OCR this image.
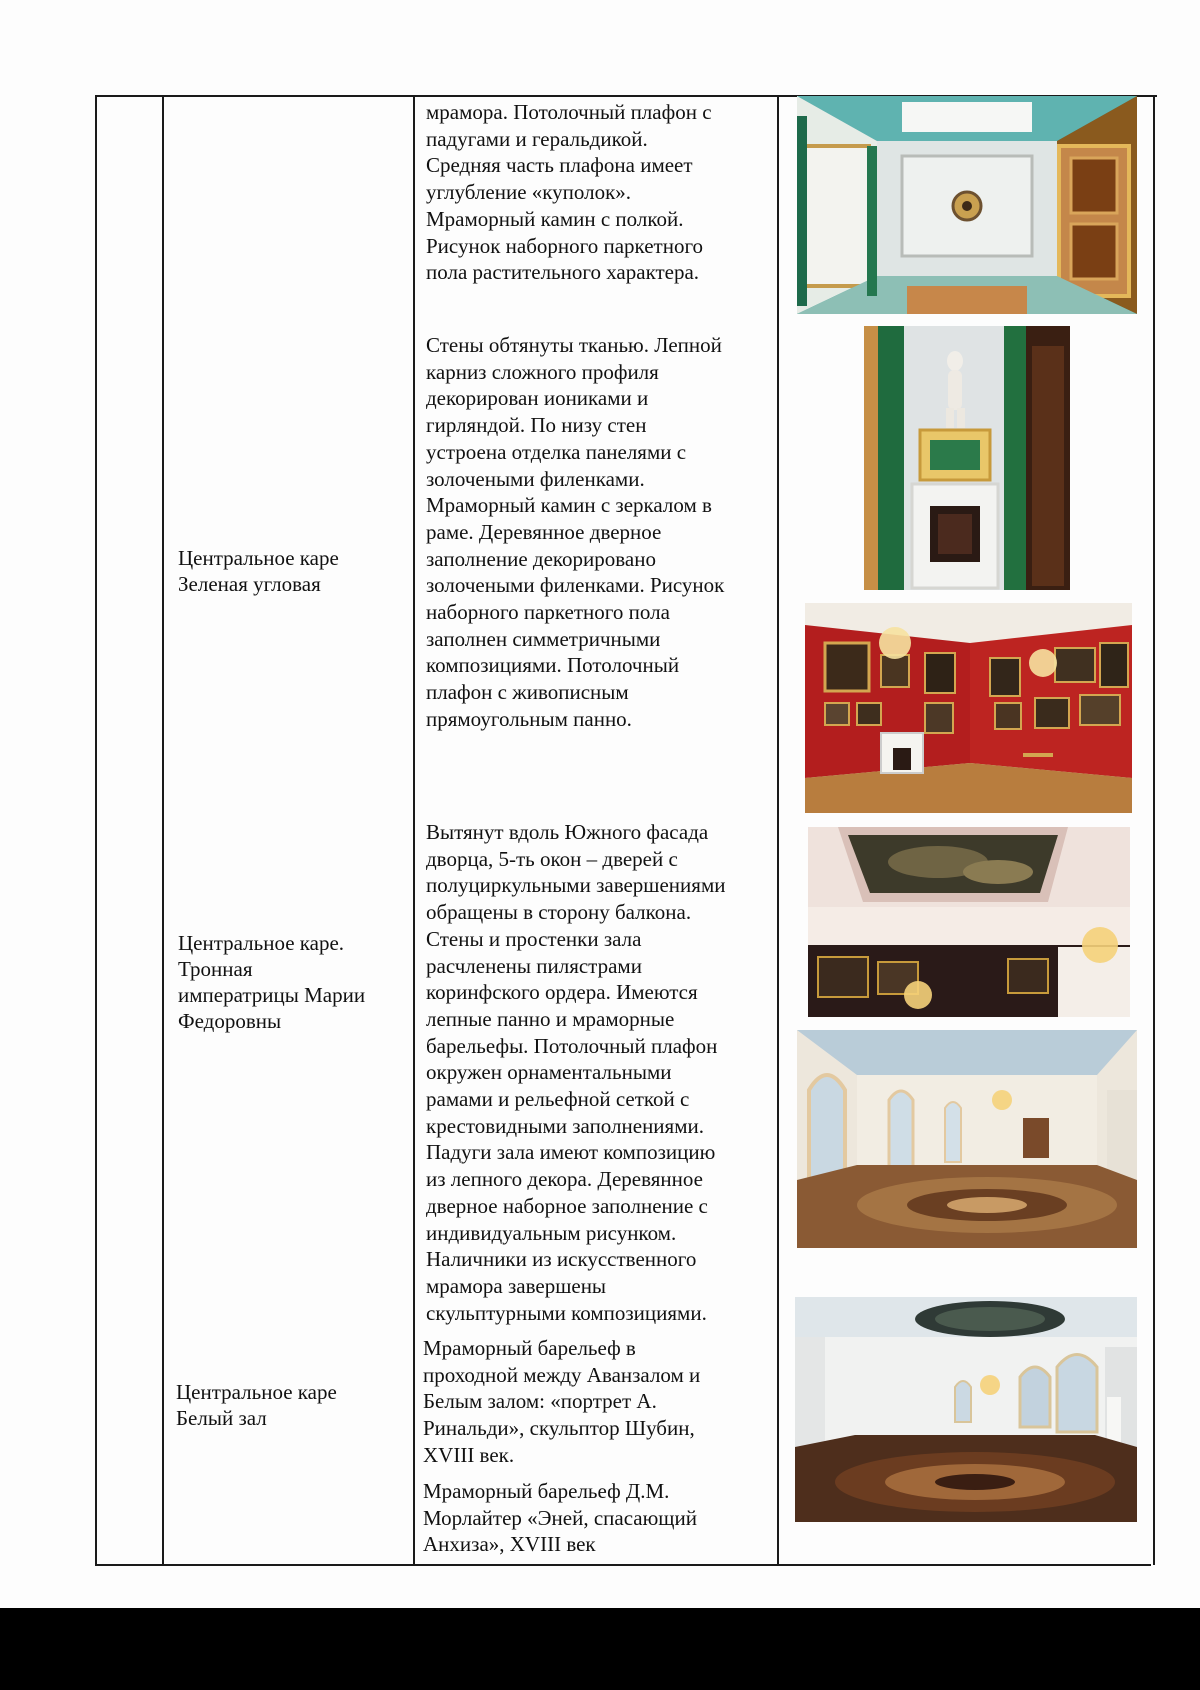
Центральное каре
Зеленая угловая
Центральное каре.
Тронная
императрицы Марии
Федоровны
Центральное каре
Белый зал
мрамора. Потолочный плафон с
падугами и геральдикой.
Средняя часть плафона имеет
углубление «куполок».
Мраморный камин с полкой.
Рисунок наборного паркетного
пола растительного характера.
Стены обтянуты тканью. Лепной
карниз сложного профиля
декорирован иониками и
гирляндой. По низу стен
устроена отделка панелями с
золочеными филенками.
Мраморный камин с зеркалом в
раме. Деревянное дверное
заполнение декорировано
золочеными филенками. Рисунок
наборного паркетного пола
заполнен симметричными
композициями. Потолочный
плафон с живописным
прямоугольным панно.
Вытянут вдоль Южного фасада
дворца, 5-ть окон – дверей с
полуциркульными завершениями
обращены в сторону балкона.
Стены и простенки зала
расчленены пилястрами
коринфского ордера. Имеются
лепные панно и мраморные
барельефы. Потолочный плафон
окружен орнаментальными
рамами и рельефной сеткой с
крестовидными заполнениями.
Падуги зала имеют композицию
из лепного декора. Деревянное
дверное наборное заполнение с
индивидуальным рисунком.
Наличники из искусственного
мрамора завершены
скульптурными композициями.
Мраморный барельеф в
проходной между Аванзалом и
Белым залом: «портрет А.
Ринальди», скульптор Шубин,
XVIII век.
Мраморный барельеф Д.М.
Морлайтер «Эней, спасающий
Анхиза», XVIII век
